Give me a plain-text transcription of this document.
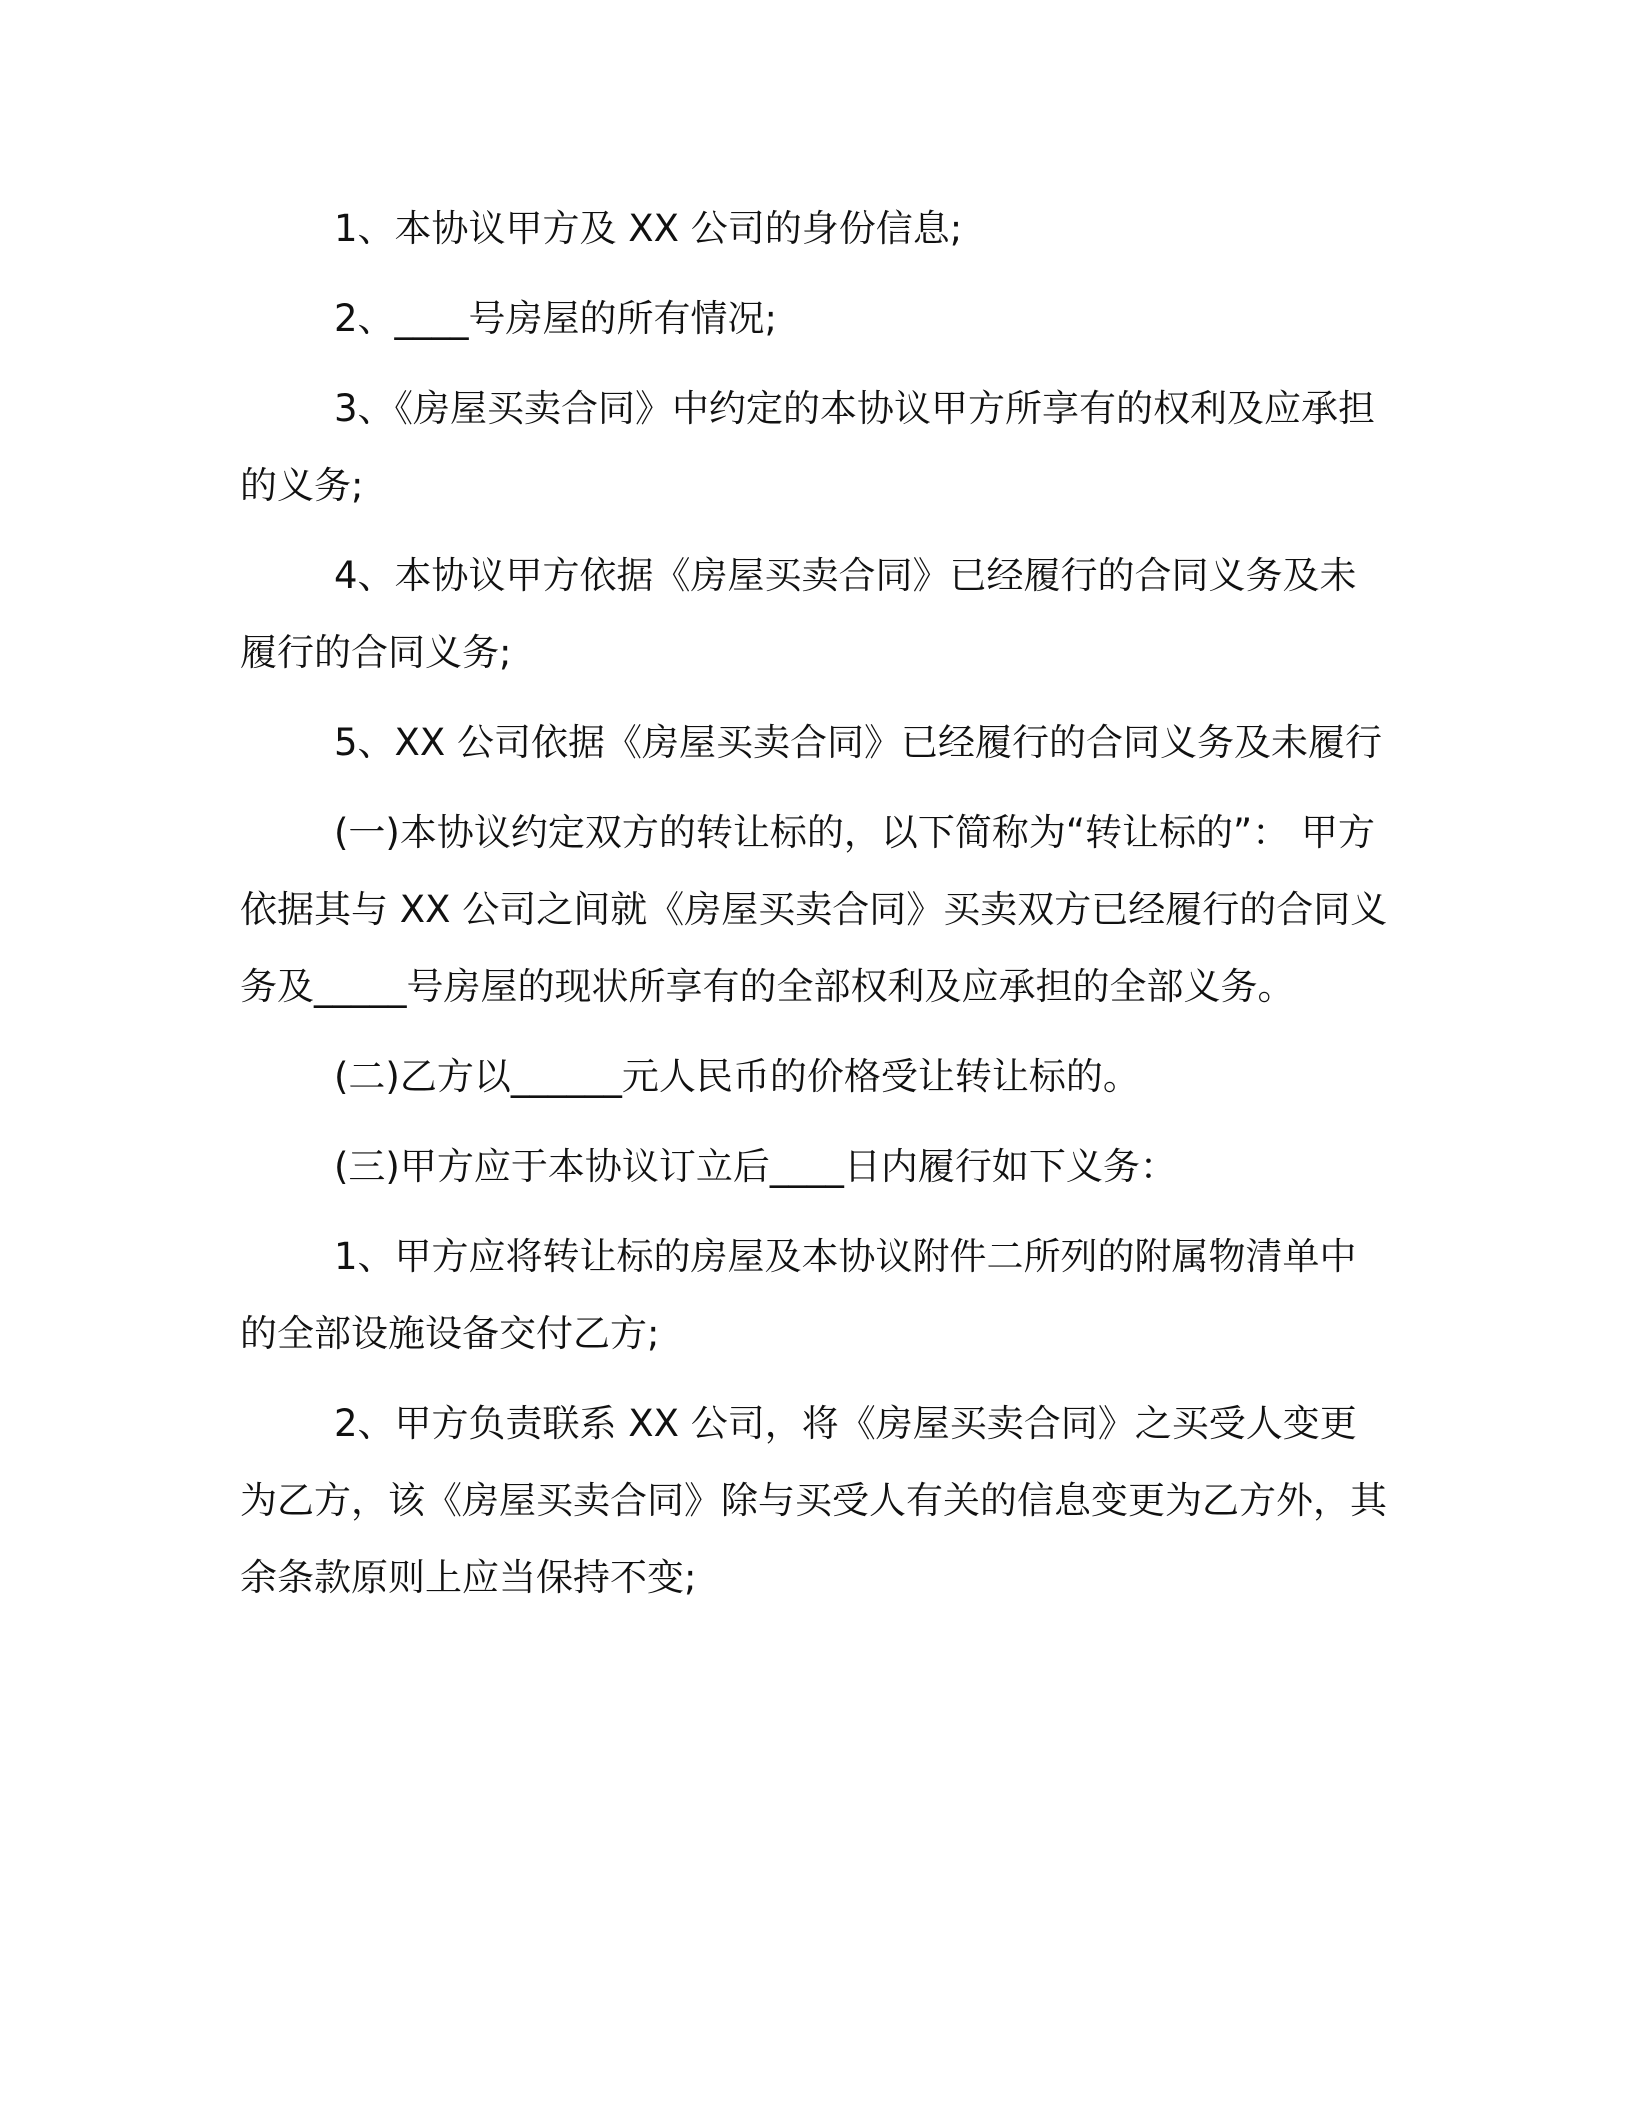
1、本协议甲方及 XX 公司的身份信息;

2、____号房屋的所有情况;

3、《房屋买卖合同》中约定的本协议甲方所享有的权利及应承担的义务;

4、本协议甲方依据《房屋买卖合同》已经履行的合同义务及未履行的合同义务;

5、XX 公司依据《房屋买卖合同》已经履行的合同义务及未履行

(一)本协议约定双方的转让标的，以下简称为“转让标的”： 甲方依据其与 XX 公司之间就《房屋买卖合同》买卖双方已经履行的合同义务及_____号房屋的现状所享有的全部权利及应承担的全部义务。

(二)乙方以______元人民币的价格受让转让标的。

(三)甲方应于本协议订立后____日内履行如下义务：

1、甲方应将转让标的房屋及本协议附件二所列的附属物清单中的全部设施设备交付乙方;

2、甲方负责联系 XX 公司，将《房屋买卖合同》之买受人变更为乙方，该《房屋买卖合同》除与买受人有关的信息变更为乙方外，其余条款原则上应当保持不变;
